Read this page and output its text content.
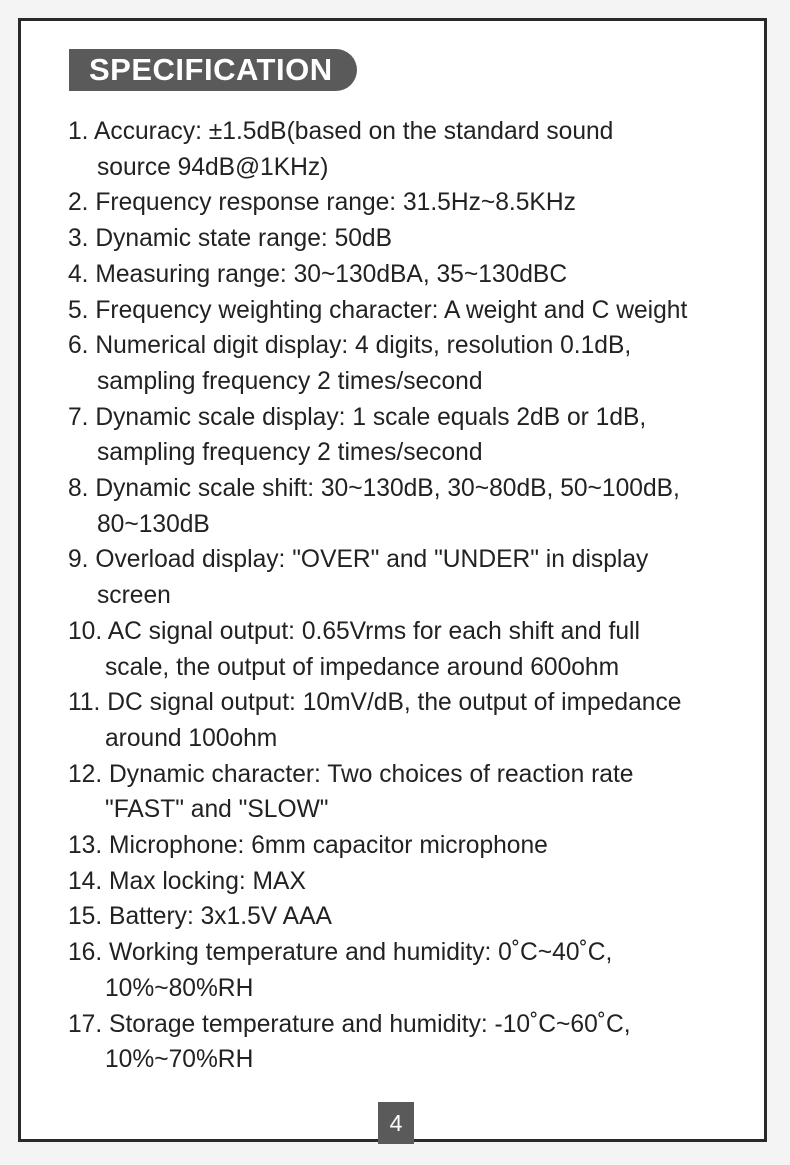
SPECIFICATION
1. Accuracy: ±1.5dB(based on the standard sound
source 94dB@1KHz)
2. Frequency response range: 31.5Hz~8.5KHz
3. Dynamic state range: 50dB
4. Measuring range: 30~130dBA, 35~130dBC
5. Frequency weighting character: A weight and C weight
6. Numerical digit display: 4 digits, resolution 0.1dB,
sampling frequency 2 times/second
7. Dynamic scale display: 1 scale equals 2dB or 1dB,
sampling frequency 2 times/second
8. Dynamic scale shift: 30~130dB, 30~80dB, 50~100dB,
80~130dB
9. Overload display: "OVER" and "UNDER" in display
screen
10. AC signal output: 0.65Vrms for each shift and full
scale, the output of impedance around 600ohm
11. DC signal output: 10mV/dB, the output of impedance
around 100ohm
12. Dynamic character: Two choices of reaction rate
"FAST" and "SLOW"
13. Microphone: 6mm capacitor microphone
14. Max locking: MAX
15. Battery: 3x1.5V AAA
16. Working temperature and humidity: 0˚C~40˚C,
10%~80%RH
17. Storage temperature and humidity: -10˚C~60˚C,
10%~70%RH
4
